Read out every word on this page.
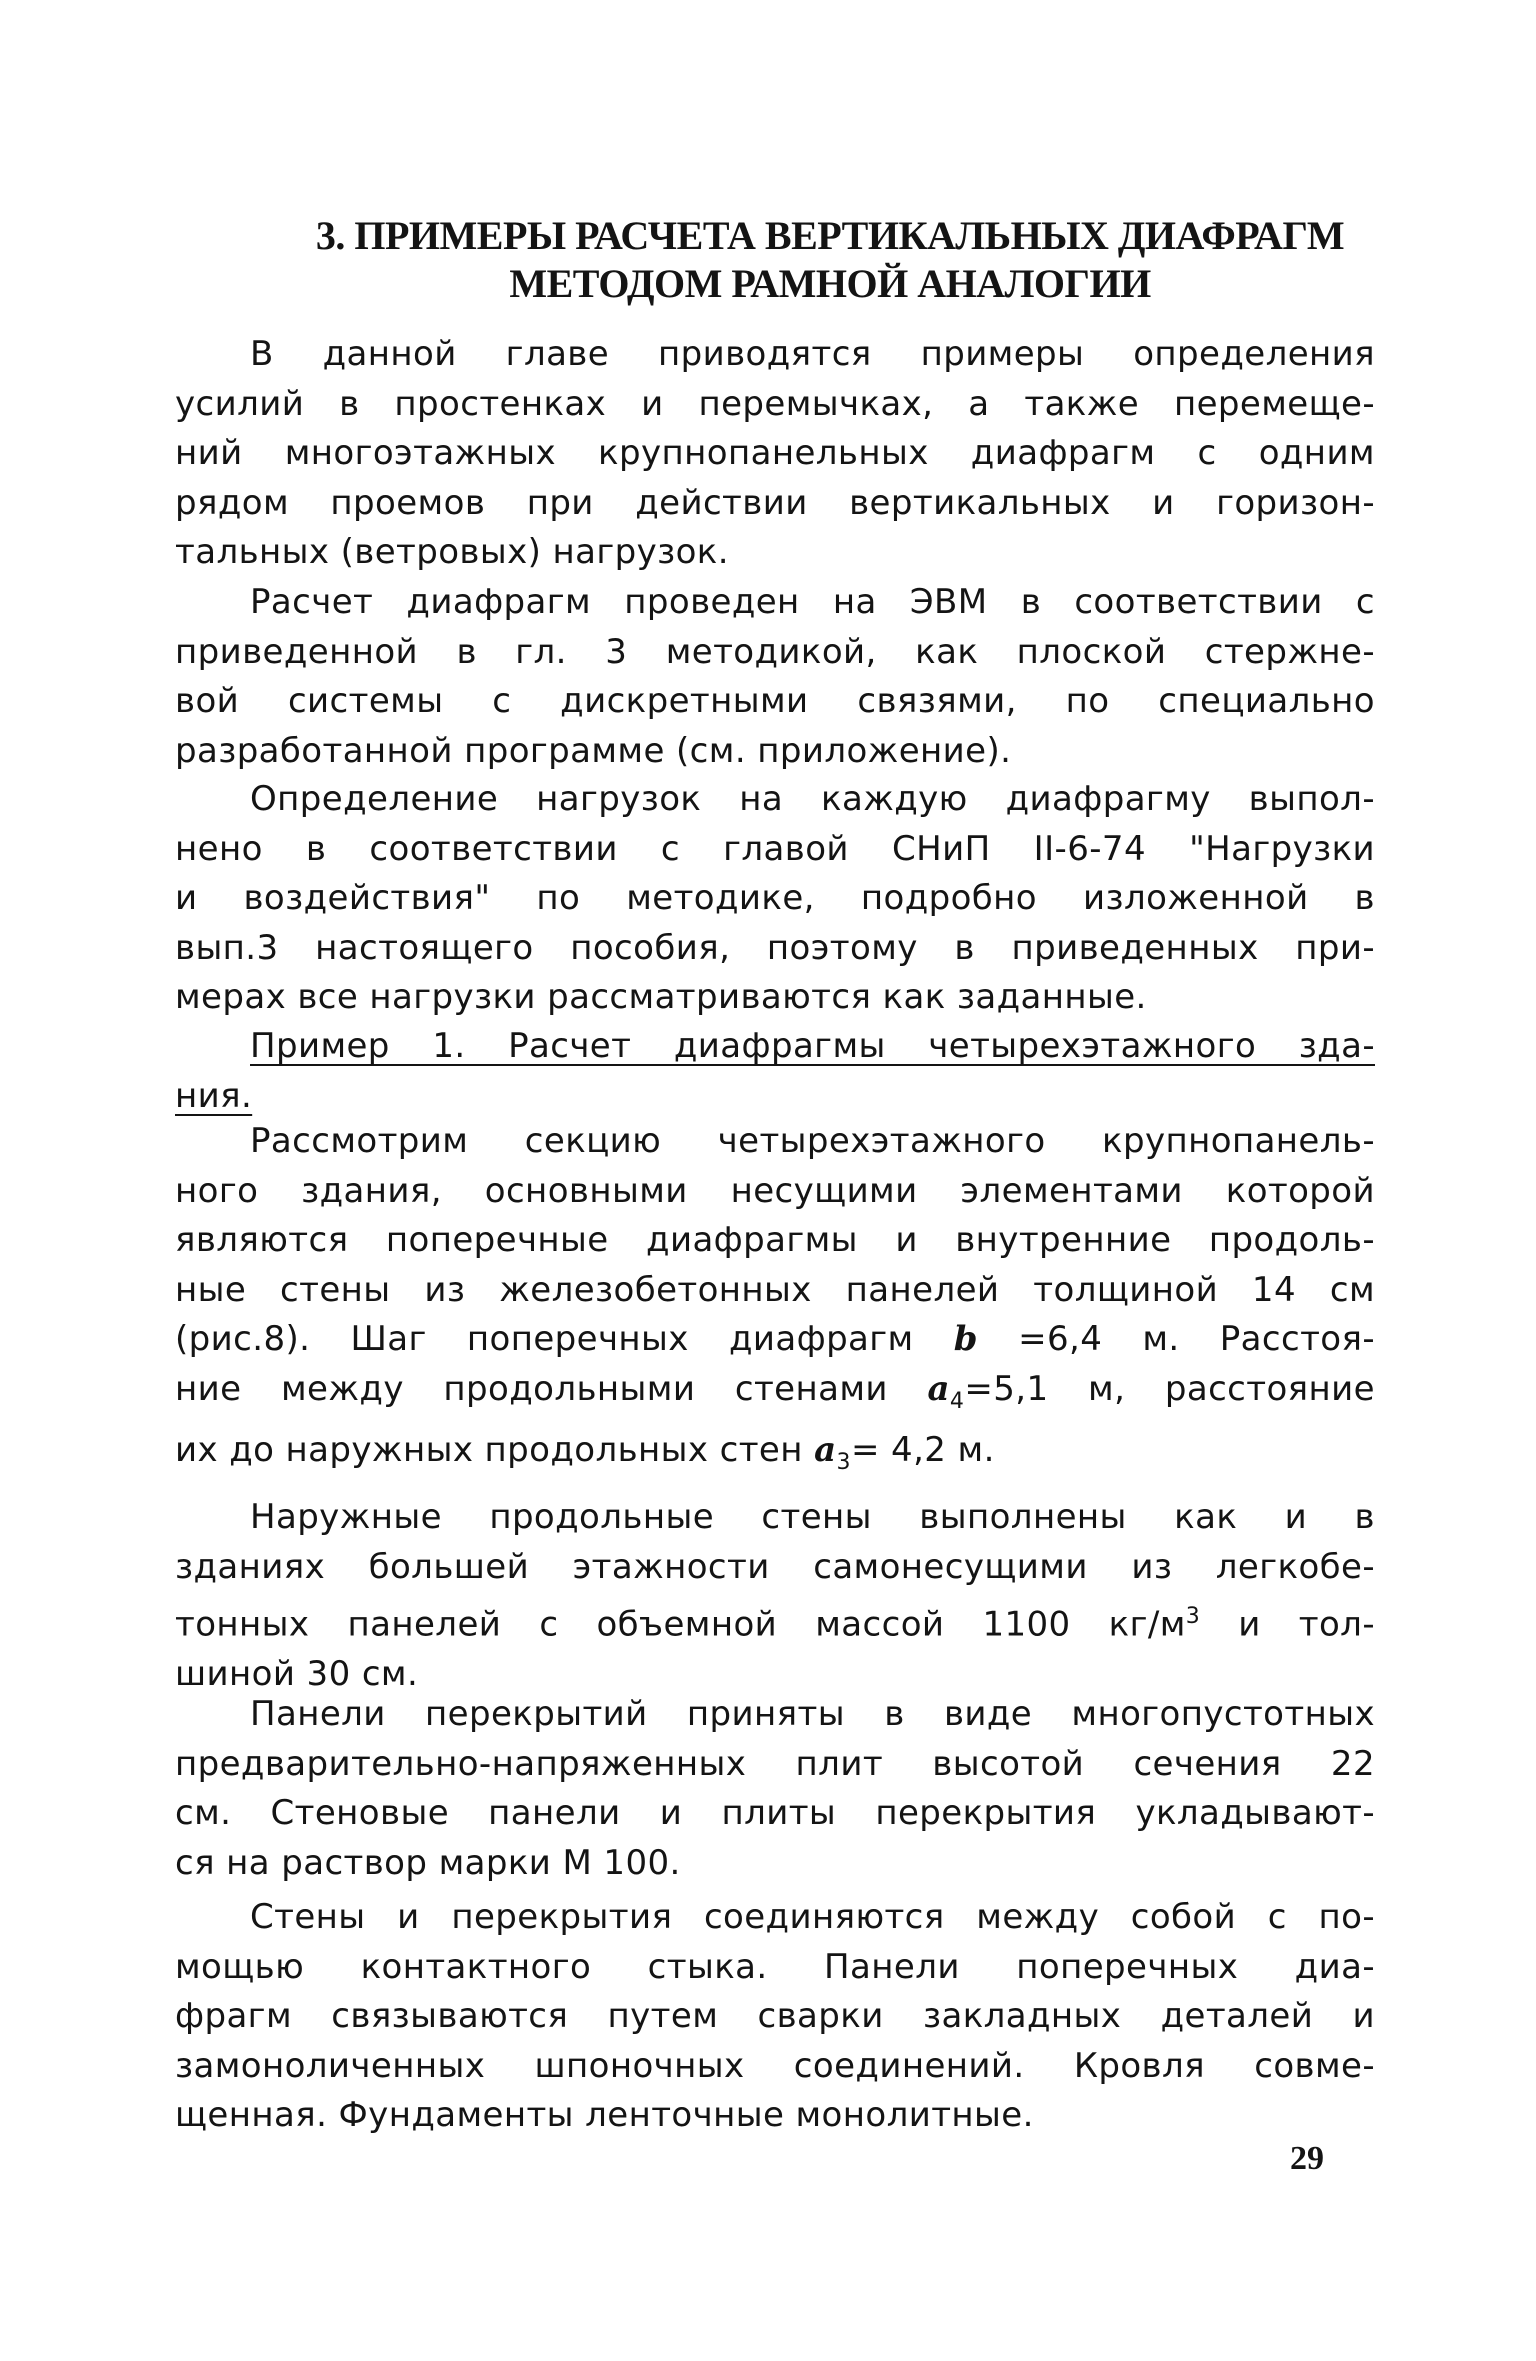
3. ПРИМЕРЫ РАСЧЕТА ВЕРТИКАЛЬНЫХ ДИАФРАГМ
МЕТОДОМ РАМНОЙ АНАЛОГИИ

В данной главе приводятся примеры определения
усилий в простенках и перемычках, а также перемеще-
ний многоэтажных крупнопанельных диафрагм с одним
рядом проемов при действии вертикальных и горизон-
тальных (ветровых) нагрузок.

Расчет диафрагм проведен на ЭВМ в соответствии с
приведенной в гл. 3 методикой, как плоской стержне-
вой системы с дискретными связями, по специально
разработанной программе (см. приложение).

Определение нагрузок на каждую диафрагму выпол-
нено в соответствии с главой СНиП II-6-74 "Нагрузки
и воздействия" по методике, подробно изложенной в
вып.3 настоящего пособия, поэтому в приведенных при-
мерах все нагрузки рассматриваются как заданные.

Пример 1. Расчет диафрагмы четырехэтажного зда-
ния.

Рассмотрим секцию четырехэтажного крупнопанель-
ного здания, основными несущими элементами которой
являются поперечные диафрагмы и внутренние продоль-
ные стены из железобетонных панелей толщиной 14 см
(рис.8). Шаг поперечных диафрагм b =6,4 м. Расстоя-
ние между продольными стенами $a_4=5,1$ м, расстояние
их до наружных продольных стен $a_3= 4,2$ м.

Наружные продольные стены выполнены как и в
зданиях большей этажности самонесущими из легкобе-
тонных панелей с объемной массой 1100 $кг/м^3$ и тол-
шиной 30 см.

Панели перекрытий приняты в виде многопустотных
предварительно-напряженных плит высотой сечения 22
см. Стеновые панели и плиты перекрытия укладывают-
ся на раствор марки М 100.

Стены и перекрытия соединяются между собой с по-
мощью контактного стыка. Панели поперечных диа-
фрагм связываются путем сварки закладных деталей и
замоноличенных шпоночных соединений. Кровля совме-
щенная. Фундаменты ленточные монолитные.

29
